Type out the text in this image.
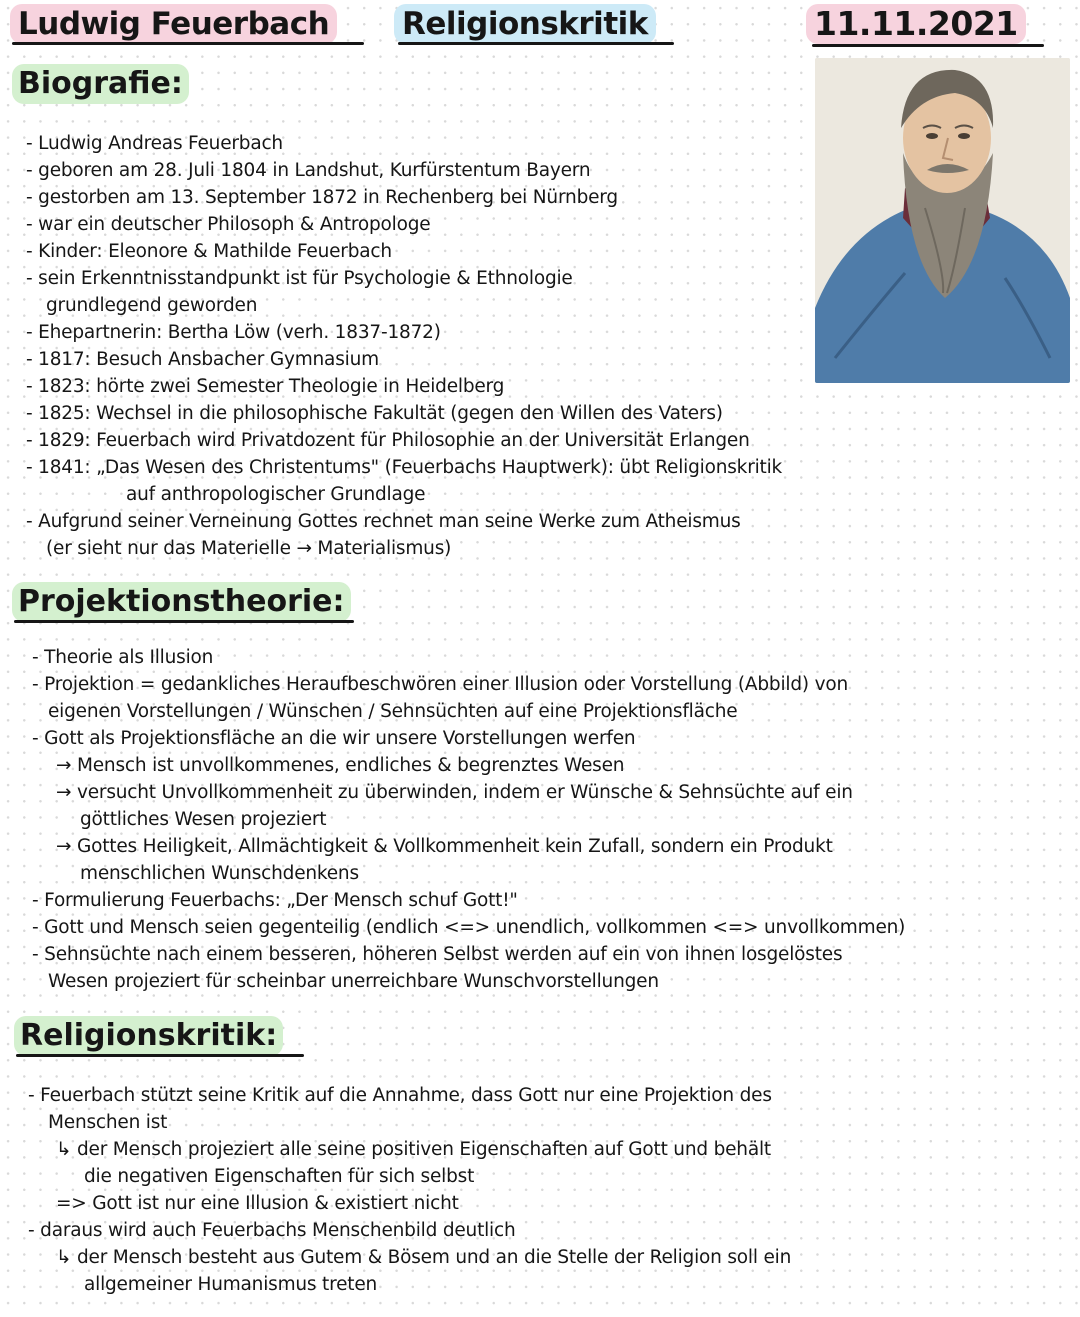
Ludwig Feuerbach Religionskritik	11.11.2021
Biografie:
- Ludwig Andreas Feuerbach
- geboren am 28. Juli 1804 in Landshut, Kurfürstentum Bayern
- gestorben am 13. September 1872 in Rechenberg bei Nürnberg
- war ein deutscher Philosoph & Antropologe
- Kinder: Eleonore & Mathilde Feuerbach
- sein Erkenntnisstandpunkt ist für Psychologie & Ethnologie
grundlegend geworden
- Ehepartnerin: Bertha Löw (verh. 1837-1872)
- 1817: Besuch Ansbacher Gymnasium
- 1823: hörte zwei Semester Theologie in Heidelberg
- 1825: Wechsel in die philosophische Fakultät (gegen den Willen des Vaters)
- 1829: Feuerbach wird Privatdozent für Philosophie an der Universität Erlangen
- 1841: „Das Wesen des Christentums" (Feuerbachs Hauptwerk): übt Religionskritik
auf anthropologischer Grundlage
- Aufgrund seiner Verneinung Gottes rechnet man seine Werke zum Atheismus
(er sieht nur das Materielle → Materialismus)
Projektionstheorie:
- Theorie als Illusion
- Projektion = gedankliches Heraufbeschwören einer Illusion oder Vorstellung (Abbild) von
eigenen Vorstellungen / Wünschen / Sehnsüchten auf eine Projektionsfläche
- Gott als Projektionsfläche an die wir unsere Vorstellungen werfen
→ Mensch ist unvollkommenes, endliches & begrenztes Wesen
→ versucht Unvollkommenheit zu überwinden, indem er Wünsche & Sehnsüchte auf ein
göttliches Wesen projeziert
→ Gottes Heiligkeit, Allmächtigkeit & Vollkommenheit kein Zufall, sondern ein Produkt
menschlichen Wunschdenkens
- Formulierung Feuerbachs: „Der Mensch schuf Gott!"
- Gott und Mensch seien gegenteilig (endlich <=> unendlich, vollkommen <=> unvollkommen)
- Sehnsüchte nach einem besseren, höheren Selbst werden auf ein von ihnen losgelöstes
Wesen projeziert für scheinbar unerreichbare Wunschvorstellungen
Religionskritik:
- Feuerbach stützt seine Kritik auf die Annahme, dass Gott nur eine Projektion des
Menschen ist
↳ der Mensch projeziert alle seine positiven Eigenschaften auf Gott und behält
die negativen Eigenschaften für sich selbst
=> Gott ist nur eine Illusion & existiert nicht
- daraus wird auch Feuerbachs Menschenbild deutlich
↳ der Mensch besteht aus Gutem & Bösem und an die Stelle der Religion soll ein
allgemeiner Humanismus treten
